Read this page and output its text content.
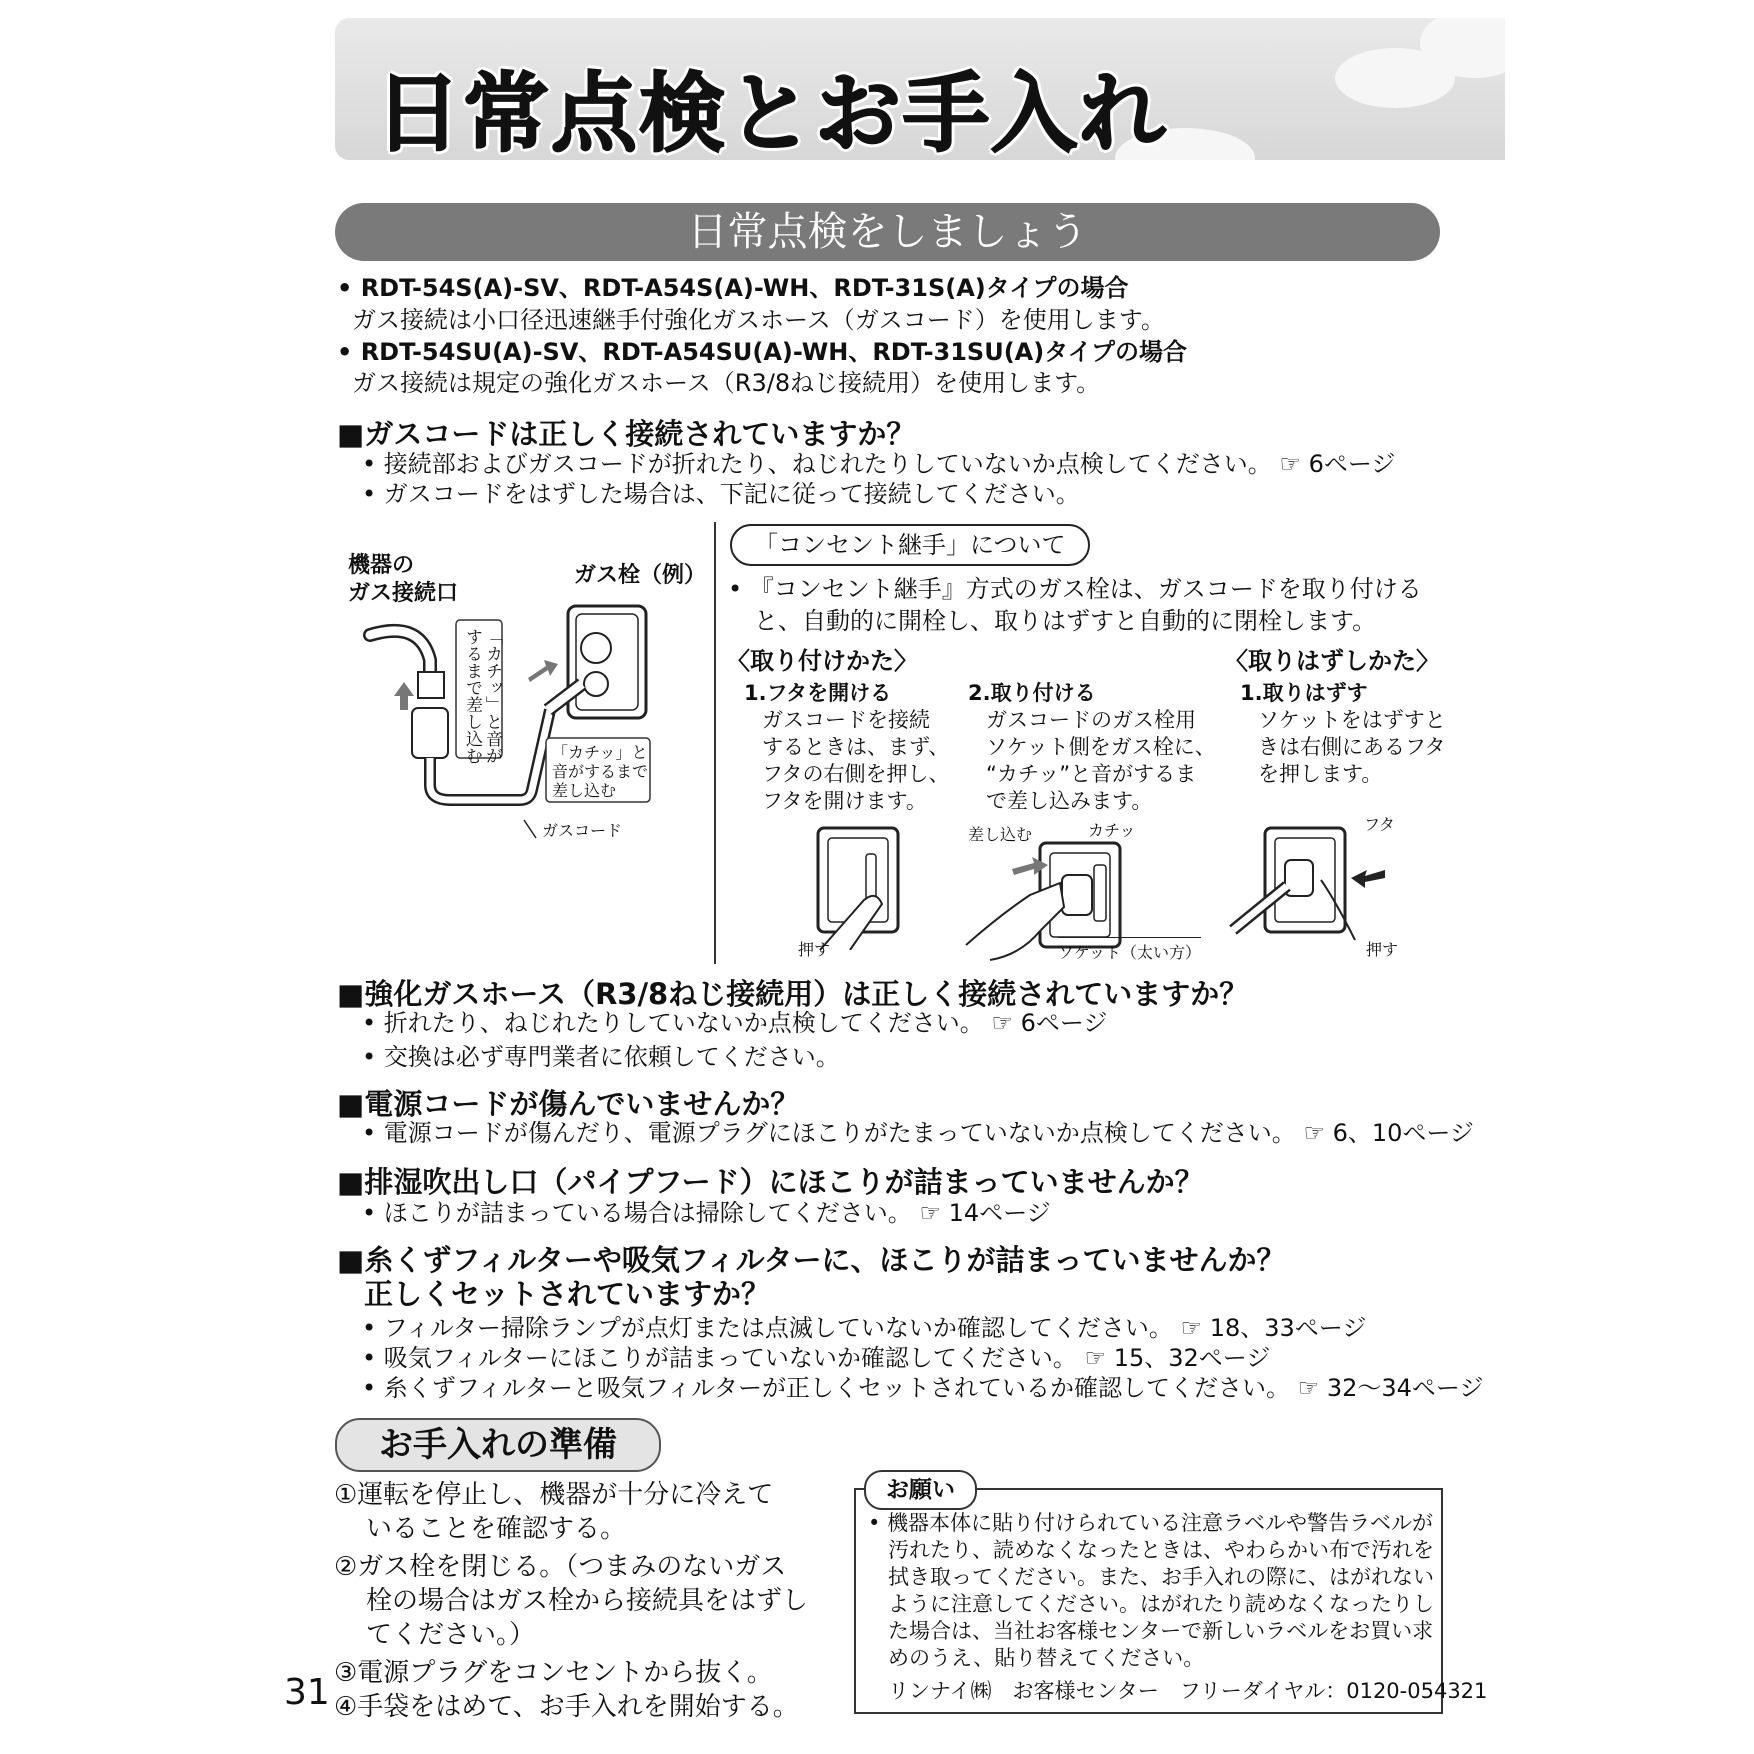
日常点検とお手入れ
日常点検をしましょう
• RDT-54S(A)-SV、RDT-A54S(A)-WH、RDT-31S(A)タイプの場合
ガス接続は小口径迅速継手付強化ガスホース（ガスコード）を使用します。
• RDT-54SU(A)-SV、RDT-A54SU(A)-WH、RDT-31SU(A)タイプの場合
ガス接続は規定の強化ガスホース（R3/8ねじ接続用）を使用します。
■ガスコードは正しく接続されていますか？
• 接続部およびガスコードが折れたり、ねじれたりしていないか点検してください。 ☞ 6ページ
• ガスコードをはずした場合は、下記に従って接続してください。
機器の
ガス接続口
ガス栓（例）
「カチッ」と音が
するまで差し込む	「カチッ」と
音がするまで
差し込む
ガスコード
「コンセント継手」について
• 『コンセント継手』方式のガス栓は、ガスコードを取り付ける
と、自動的に開栓し、取りはずすと自動的に閉栓します。
〈取り付けかた〉	〈取りはずしかた〉
1.フタを開ける
ガスコードを接続
するときは、まず、
フタの右側を押し、
フタを開けます。
2.取り付ける
ガスコードのガス栓用
ソケット側をガス栓に、
“カチッ”と音がするま
で差し込みます。
1.取りはずす
ソケットをはずすと
きは右側にあるフタ
を押します。
押す
差し込む	カチッ
ソケット（太い方）
フタ
押す
■強化ガスホース（R3/8ねじ接続用）は正しく接続されていますか？
• 折れたり、ねじれたりしていないか点検してください。 ☞ 6ページ
• 交換は必ず専門業者に依頼してください。
■電源コードが傷んでいませんか？
• 電源コードが傷んだり、電源プラグにほこりがたまっていないか点検してください。 ☞ 6、10ページ
■排湿吹出し口（パイプフード）にほこりが詰まっていませんか？
• ほこりが詰まっている場合は掃除してください。 ☞ 14ページ
■糸くずフィルターや吸気フィルターに、ほこりが詰まっていませんか？
正しくセットされていますか？
• フィルター掃除ランプが点灯または点滅していないか確認してください。 ☞ 18、33ページ
• 吸気フィルターにほこりが詰まっていないか確認してください。 ☞ 15、32ページ
• 糸くずフィルターと吸気フィルターが正しくセットされているか確認してください。 ☞ 32～34ページ
お手入れの準備
①運転を停止し、機器が十分に冷えて
いることを確認する。
②ガス栓を閉じる。（つまみのないガス
栓の場合はガス栓から接続具をはずし
てください。）
③電源プラグをコンセントから抜く。
④手袋をはめて、お手入れを開始する。
• 機器本体に貼り付けられている注意ラベルや警告ラベルが
汚れたり、読めなくなったときは、やわらかい布で汚れを
拭き取ってください。また、お手入れの際に、はがれない
ように注意してください。はがれたり読めなくなったりし
た場合は、当社お客様センターで新しいラベルをお買い求
めのうえ、貼り替えてください。
リンナイ㈱　お客様センター　フリーダイヤル：0120-054321
お願い
31
